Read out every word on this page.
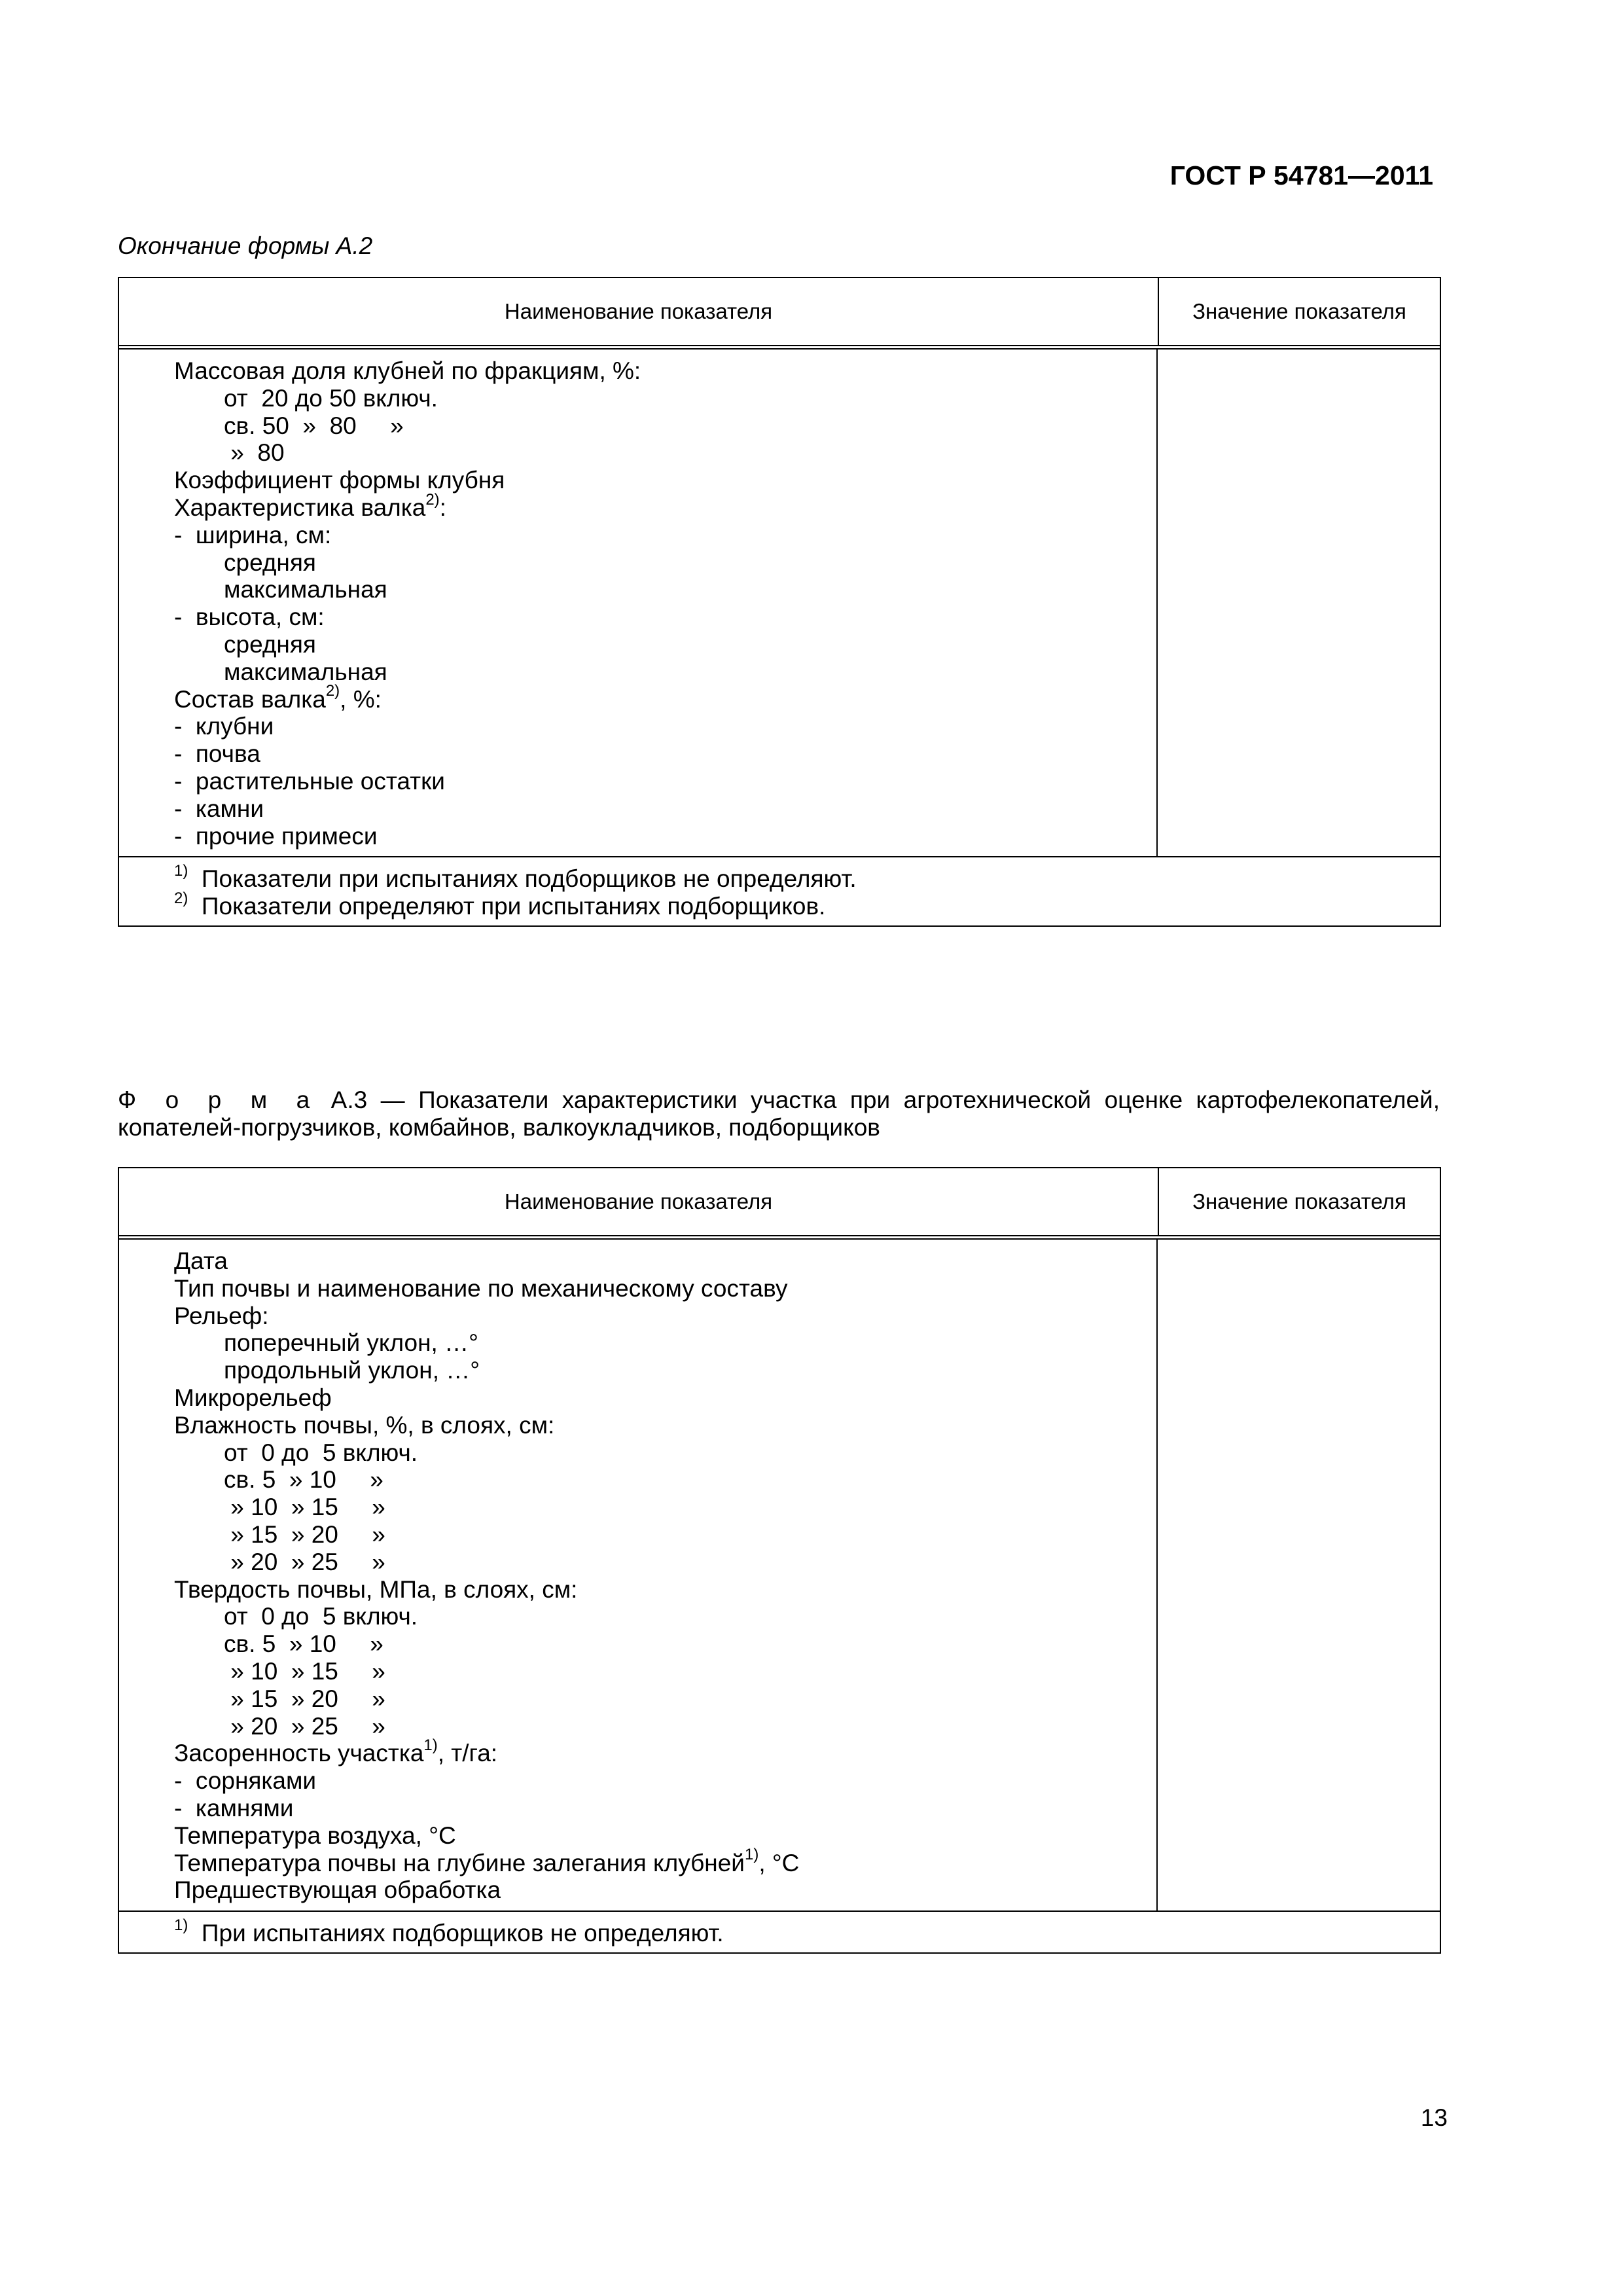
ГОСТ Р 54781—2011
Окончание формы А.2
Наименование показателя	Значение показателя
Массовая доля клубней по фракциям, %:
от  20 до 50 включ.
св. 50  »  80     »
»  80
Коэффициент формы клубня
Характеристика валка$^{2)}$:
-  ширина, см:
средняя
максимальная
-  высота, см:
средняя
максимальная
Состав валка$^{2)}$, %:
-  клубни
-  почва
-  растительные остатки
-  камни
-  прочие примеси
$^{1)}$  Показатели при испытаниях подборщиков не определяют.
$^{2)}$  Показатели определяют при испытаниях подборщиков.
Ф о р м а А.3 — Показатели характеристики участка при агротехнической оценке картофелекопателей, копателей-погрузчиков, комбайнов, валкоукладчиков, подборщиков
Наименование показателя	Значение показателя
Дата
Тип почвы и наименование по механическому составу
Рельеф:
поперечный уклон, …°
продольный уклон, …°
Микрорельеф
Влажность почвы, %, в слоях, см:
от  0 до  5 включ.
св. 5  » 10     »
» 10  » 15     »
» 15  » 20     »
» 20  » 25     »
Твердость почвы, МПа, в слоях, см:
от  0 до  5 включ.
св. 5  » 10     »
» 10  » 15     »
» 15  » 20     »
» 20  » 25     »
Засоренность участка$^{1)}$, т/га:
-  сорняками
-  камнями
Температура воздуха, °С
Температура почвы на глубине залегания клубней$^{1)}$, °С
Предшествующая обработка
$^{1)}$  При испытаниях подборщиков не определяют.
13
